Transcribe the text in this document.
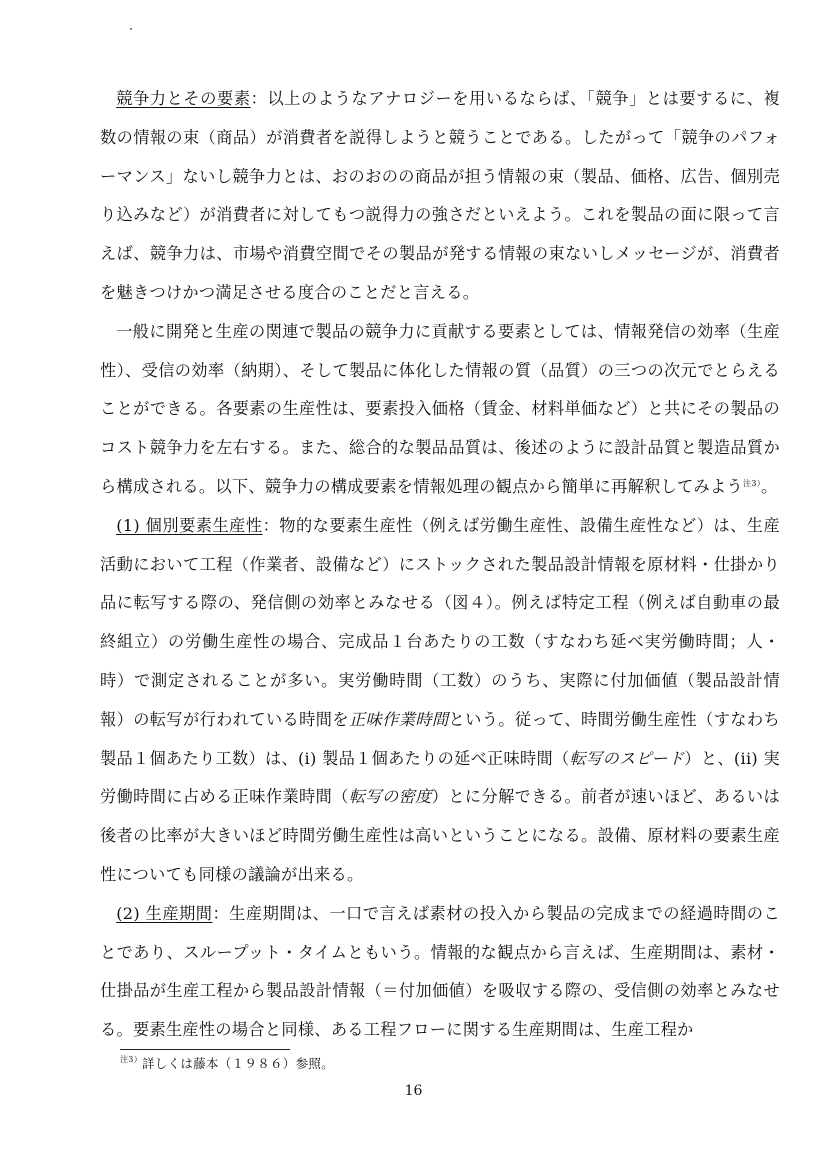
競争力とその要素：以上のようなアナロジーを用いるならば、「競争」とは要するに、複数の情報の束（商品）が消費者を説得しようと競うことである。したがって「競争のパフォーマンス」ないし競争力とは、おのおのの商品が担う情報の束（製品、価格、広告、個別売り込みなど）が消費者に対してもつ説得力の強さだといえよう。これを製品の面に限って言えば、競争力は、市場や消費空間でその製品が発する情報の束ないしメッセージが、消費者を魅きつけかつ満足させる度合のことだと言える。

一般に開発と生産の関連で製品の競争力に貢献する要素としては、情報発信の効率（生産性）、受信の効率（納期）、そして製品に体化した情報の質（品質）の三つの次元でとらえることができる。各要素の生産性は、要素投入価格（賃金、材料単価など）と共にその製品のコスト競争力を左右する。また、総合的な製品品質は、後述のように設計品質と製造品質から構成される。以下、競争力の構成要素を情報処理の観点から簡単に再解釈してみよう$^{注3)}$。

(1) 個別要素生産性：物的な要素生産性（例えば労働生産性、設備生産性など）は、生産活動において工程（作業者、設備など）にストックされた製品設計情報を原材料・仕掛かり品に転写する際の、発信側の効率とみなせる（図４）。例えば特定工程（例えば自動車の最終組立）の労働生産性の場合、完成品１台あたりの工数（すなわち延べ実労働時間；人・時）で測定されることが多い。実労働時間（工数）のうち、実際に付加価値（製品設計情報）の転写が行われている時間を正味作業時間という。従って、時間労働生産性（すなわち製品１個あたり工数）は、(i) 製品１個あたりの延べ正味時間（転写のスピード）と、(ii) 実労働時間に占める正味作業時間（転写の密度）とに分解できる。前者が速いほど、あるいは後者の比率が大きいほど時間労働生産性は高いということになる。設備、原材料の要素生産性についても同様の議論が出来る。

(2) 生産期間：生産期間は、一口で言えば素材の投入から製品の完成までの経過時間のことであり、スループット・タイムともいう。情報的な観点から言えば、生産期間は、素材・仕掛品が生産工程から製品設計情報（＝付加価値）を吸収する際の、受信側の効率とみなせる。要素生産性の場合と同様、ある工程フローに関する生産期間は、生産工程か

$^{注3)}$詳しくは藤本（１９８６）参照。
16
